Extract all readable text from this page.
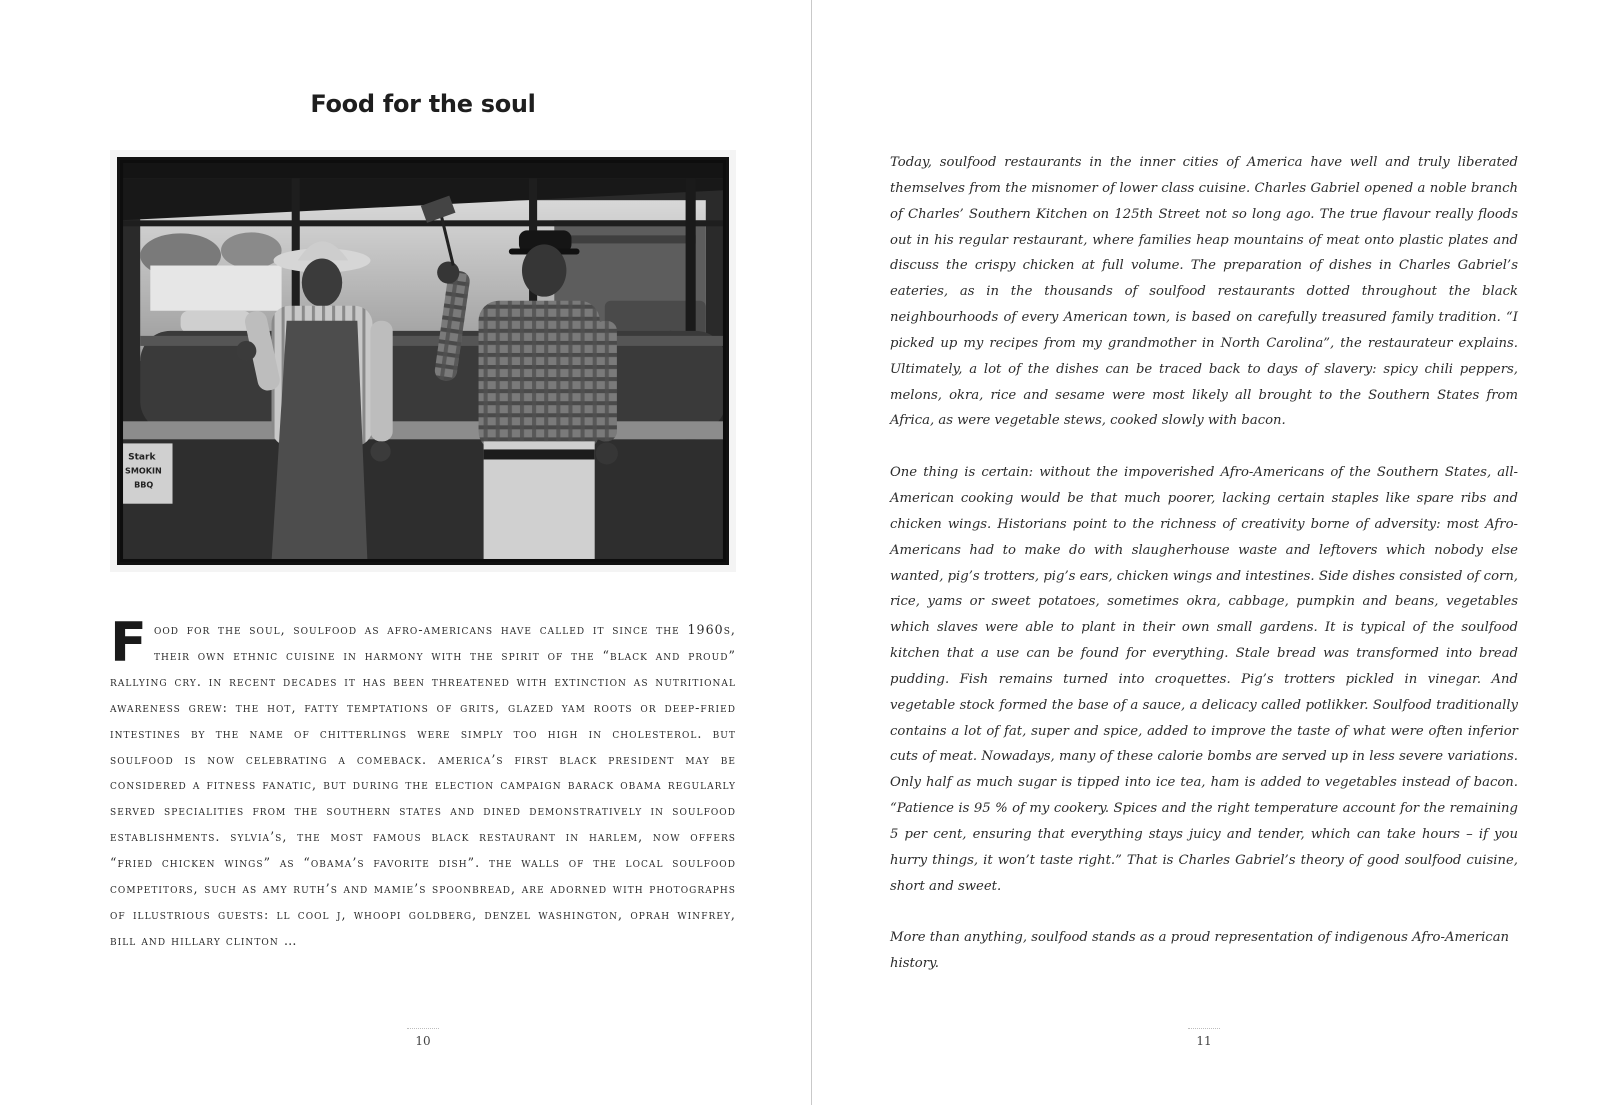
Food for the soul
Stark
SMOKIN
BBQ

Food for the soul, soulfood as afro-americans have called it since the 1960s, their own ethnic cuisine in harmony with the spirit of the “black and proud” rallying cry. in recent decades it has been threatened with extinction as nutritional awareness grew: the hot, fatty temptations of grits, glazed yam roots or deep-fried intestines by the name of chitterlings were simply too high in cholesterol. but soulfood is now celebrating a comeback. america’s first black president may be considered a fitness fanatic, but during the election campaign barack obama regularly served specialities from the southern states and dined demonstratively in soulfood establishments. sylvia’s, the most famous black restaurant in harlem, now offers “fried chicken wings” as “obama’s favorite dish”. the walls of the local soulfood competitors, such as amy ruth’s and mamie’s spoonbread, are adorned with photographs of illustrious guests: ll cool j, whoopi goldberg, denzel washington, oprah winfrey, bill and hillary clinton …

10	11

Today, soulfood restaurants in the inner cities of America have well and truly liberated themselves from the misnomer of lower class cuisine. Charles Gabriel opened a noble branch of Charles’ Southern Kitchen on 125th Street not so long ago. The true flavour really floods out in his regular restaurant, where families heap mountains of meat onto plastic plates and discuss the crispy chicken at full volume. The preparation of dishes in Charles Gabriel’s eateries, as in the thousands of soulfood restaurants dotted throughout the black neighbourhoods of every American town, is based on carefully treasured family tradition. “I picked up my recipes from my grandmother in North Carolina”, the restaurateur explains. Ultimately, a lot of the dishes can be traced back to days of slavery: spicy chili peppers, melons, okra, rice and sesame were most likely all brought to the Southern States from Africa, as were vegetable stews, cooked slowly with bacon.

One thing is certain: without the impoverished Afro-Americans of the Southern States, all-American cooking would be that much poorer, lacking certain staples like spare ribs and chicken wings. Historians point to the richness of creativity borne of adversity: most Afro-Americans had to make do with slaugherhouse waste and leftovers which nobody else wanted, pig’s trotters, pig’s ears, chicken wings and intestines. Side dishes consisted of corn, rice, yams or sweet potatoes, sometimes okra, cabbage, pumpkin and beans, vegetables which slaves were able to plant in their own small gardens. It is typical of the soulfood kitchen that a use can be found for everything. Stale bread was transformed into bread pudding. Fish remains turned into croquettes. Pig’s trotters pickled in vinegar. And vegetable stock formed the base of a sauce, a delicacy called potlikker. Soulfood traditionally contains a lot of fat, super and spice, added to improve the taste of what were often inferior cuts of meat. Nowadays, many of these calorie bombs are served up in less severe variations. Only half as much sugar is tipped into ice tea, ham is added to vegetables instead of bacon. “Patience is 95 % of my cookery. Spices and the right temperature account for the remaining 5 per cent, ensuring that everything stays juicy and tender, which can take hours – if you hurry things, it won’t taste right.” That is Charles Gabriel’s theory of good soulfood cuisine, short and sweet.

More than anything, soulfood stands as a proud representation of indigenous Afro-American history.
